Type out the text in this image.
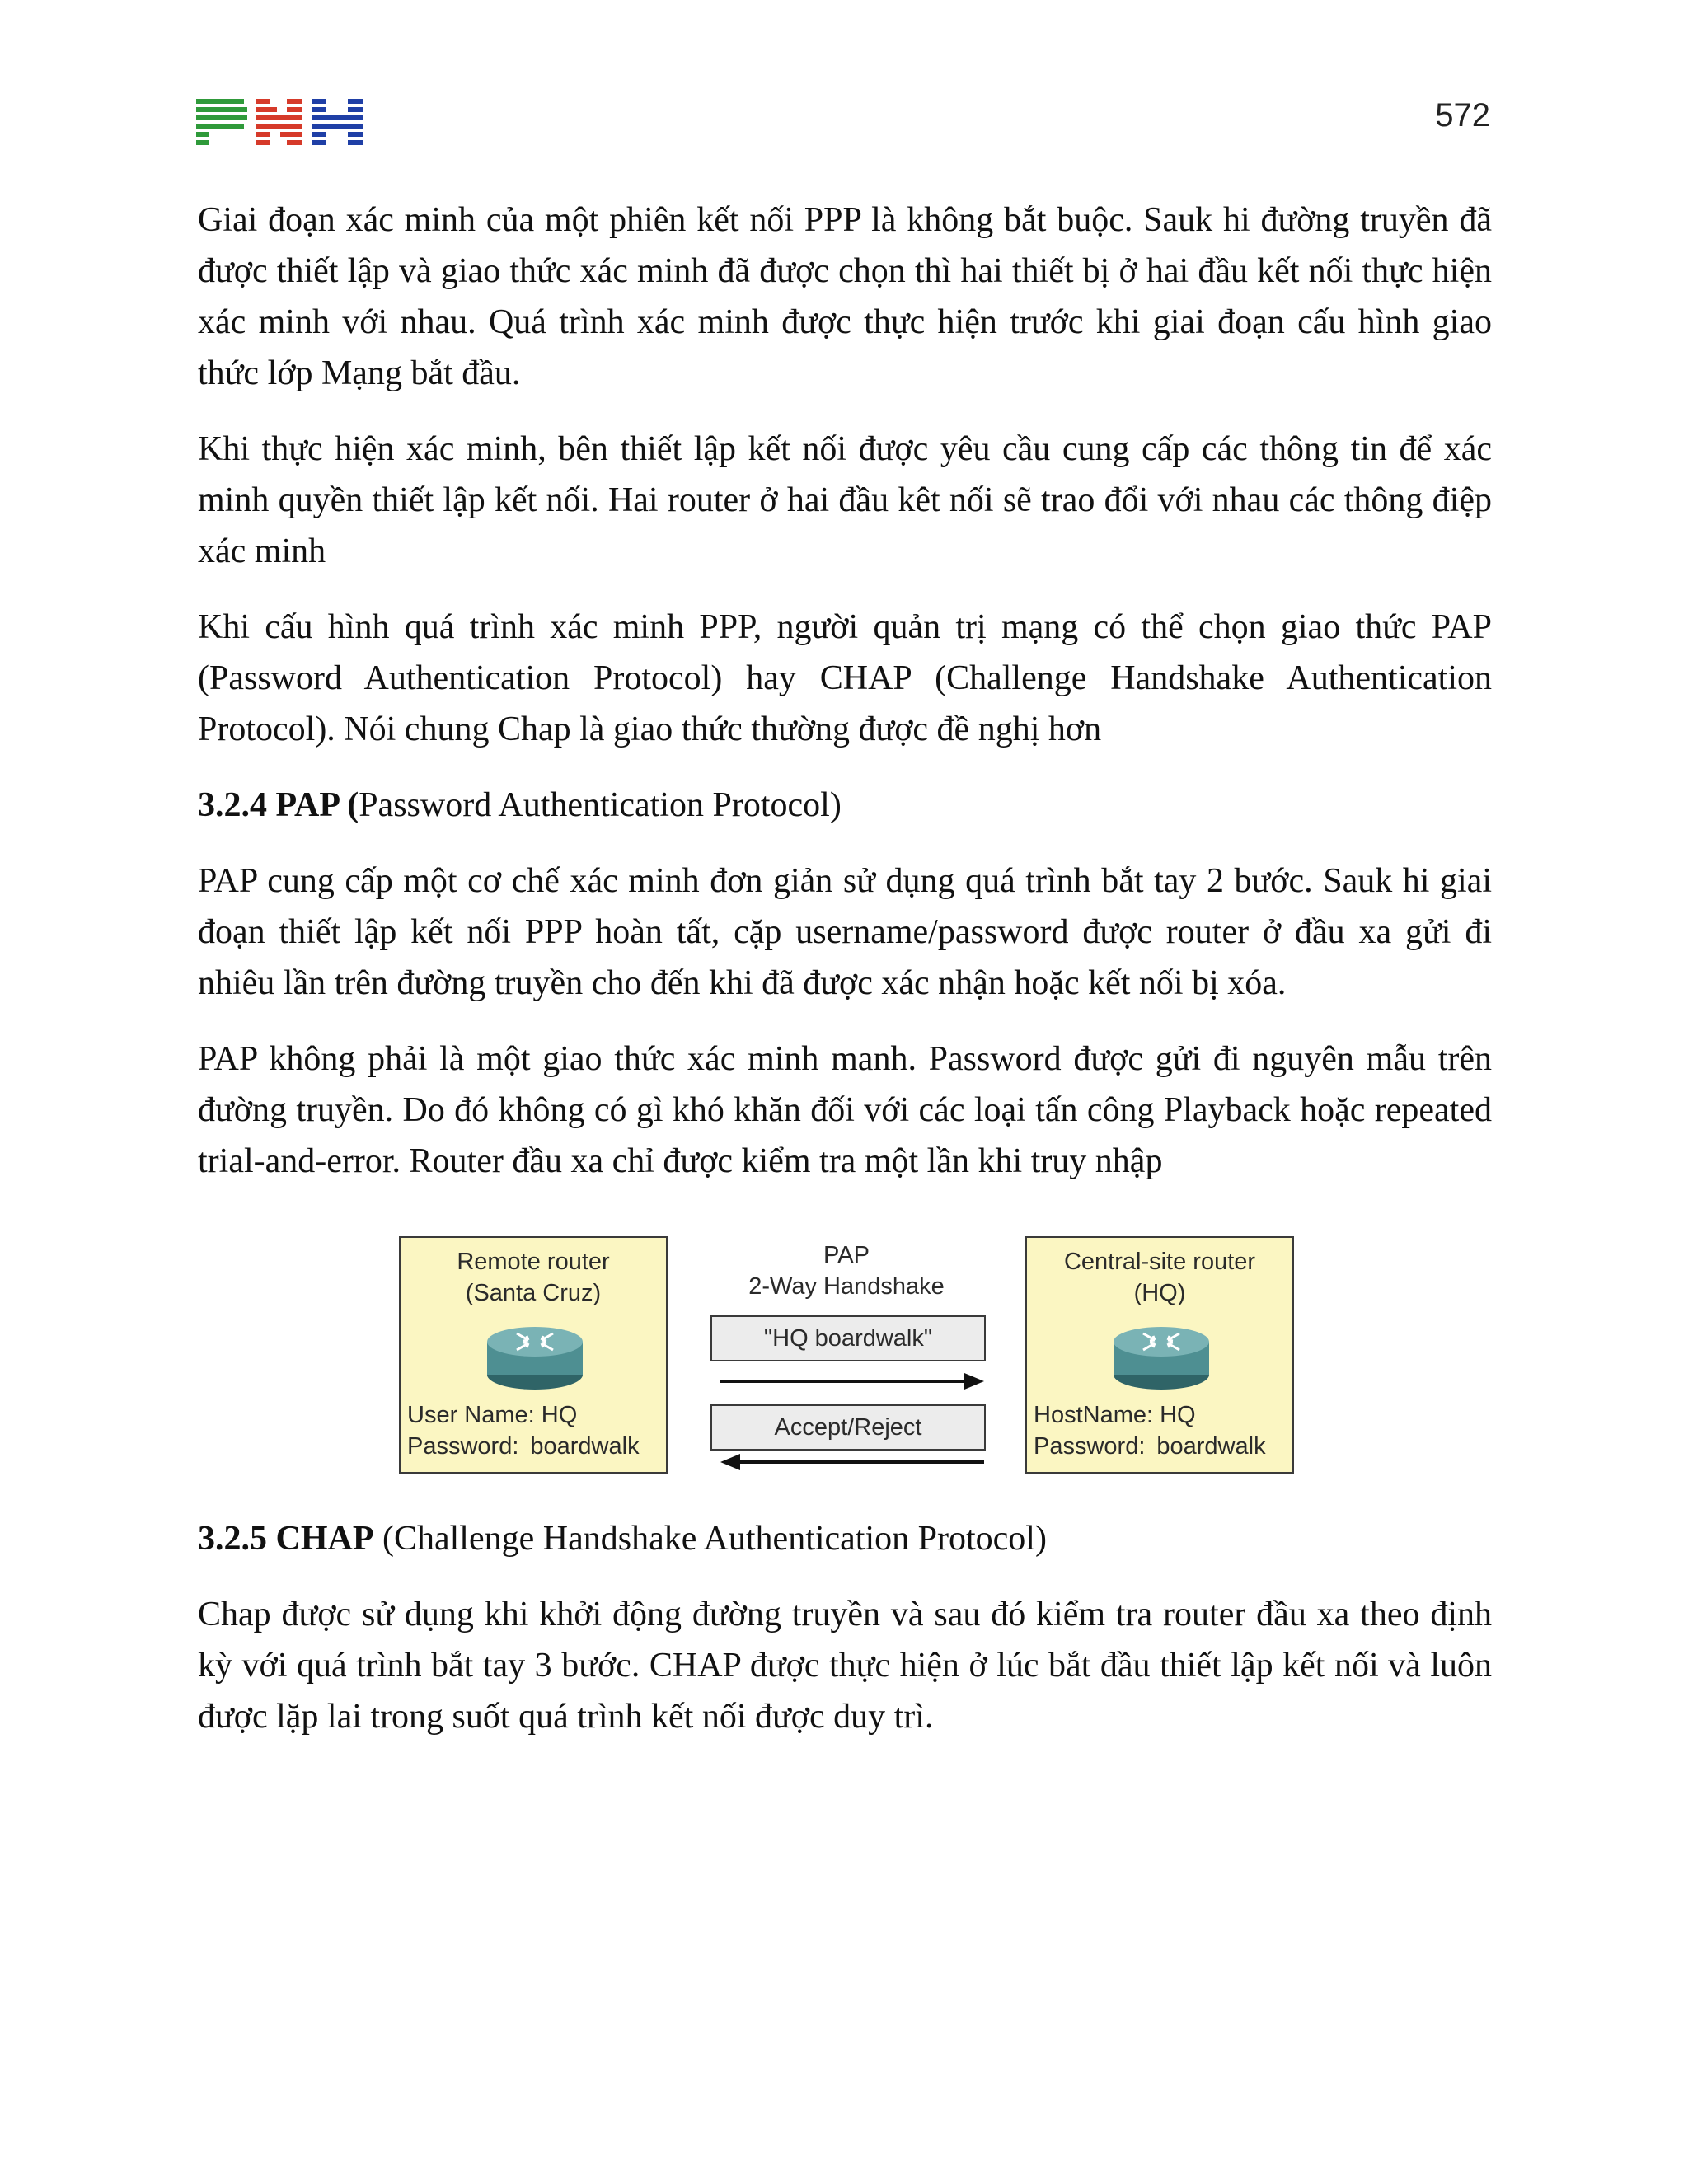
572

Giai đoạn xác minh của một phiên kết nối PPP là không bắt buộc. Sauk hi đường truyền đã được thiết lập và giao thức xác minh đã được chọn thì hai thiết bị ở hai đầu kết nối thực hiện xác minh với nhau. Quá trình xác minh được thực hiện trước khi giai đoạn cấu hình giao thức lớp Mạng bắt đầu.

Khi thực hiện xác minh, bên thiết lập kết nối được yêu cầu cung cấp các thông tin để xác minh quyền thiết lập kết nối. Hai router ở hai đầu kêt nối sẽ trao đổi với nhau các thông điệp xác minh

Khi cấu hình quá trình xác minh PPP, người quản trị mạng có thể chọn giao thức PAP (Password Authentication Protocol) hay CHAP (Challenge Handshake Authentication Protocol). Nói chung Chap là giao thức thường được đề nghị hơn

3.2.4 PAP (Password Authentication Protocol)

PAP cung cấp một cơ chế xác minh đơn giản sử dụng quá trình bắt tay 2 bước. Sauk hi giai đoạn thiết lập kết nối PPP hoàn tất, cặp username/password được router ở đầu xa gửi đi nhiêu lần trên đường truyền cho đến khi đã được xác nhận hoặc kết nối bị xóa.

PAP không phải là một giao thức xác minh manh. Password được gửi đi nguyên mẫu trên đường truyền. Do đó không có gì khó khăn đối với các loại tấn công Playback hoặc repeated trial-and-error. Router đầu xa chỉ được kiểm tra một lần khi truy nhập

Remote router
(Santa Cruz)
User Name: HQ
Password: boardwalk
PAP
2-Way Handshake
"HQ boardwalk"
Accept/Reject
Central-site router
(HQ)
HostName: HQ
Password: boardwalk
3.2.5 CHAP (Challenge Handshake Authentication Protocol)

Chap được sử dụng khi khởi động đường truyền và sau đó kiểm tra router đầu xa theo định kỳ với quá trình bắt tay 3 bước. CHAP được thực hiện ở lúc bắt đầu thiết lập kết nối và luôn được lặp lai trong suốt quá trình kết nối được duy trì.
